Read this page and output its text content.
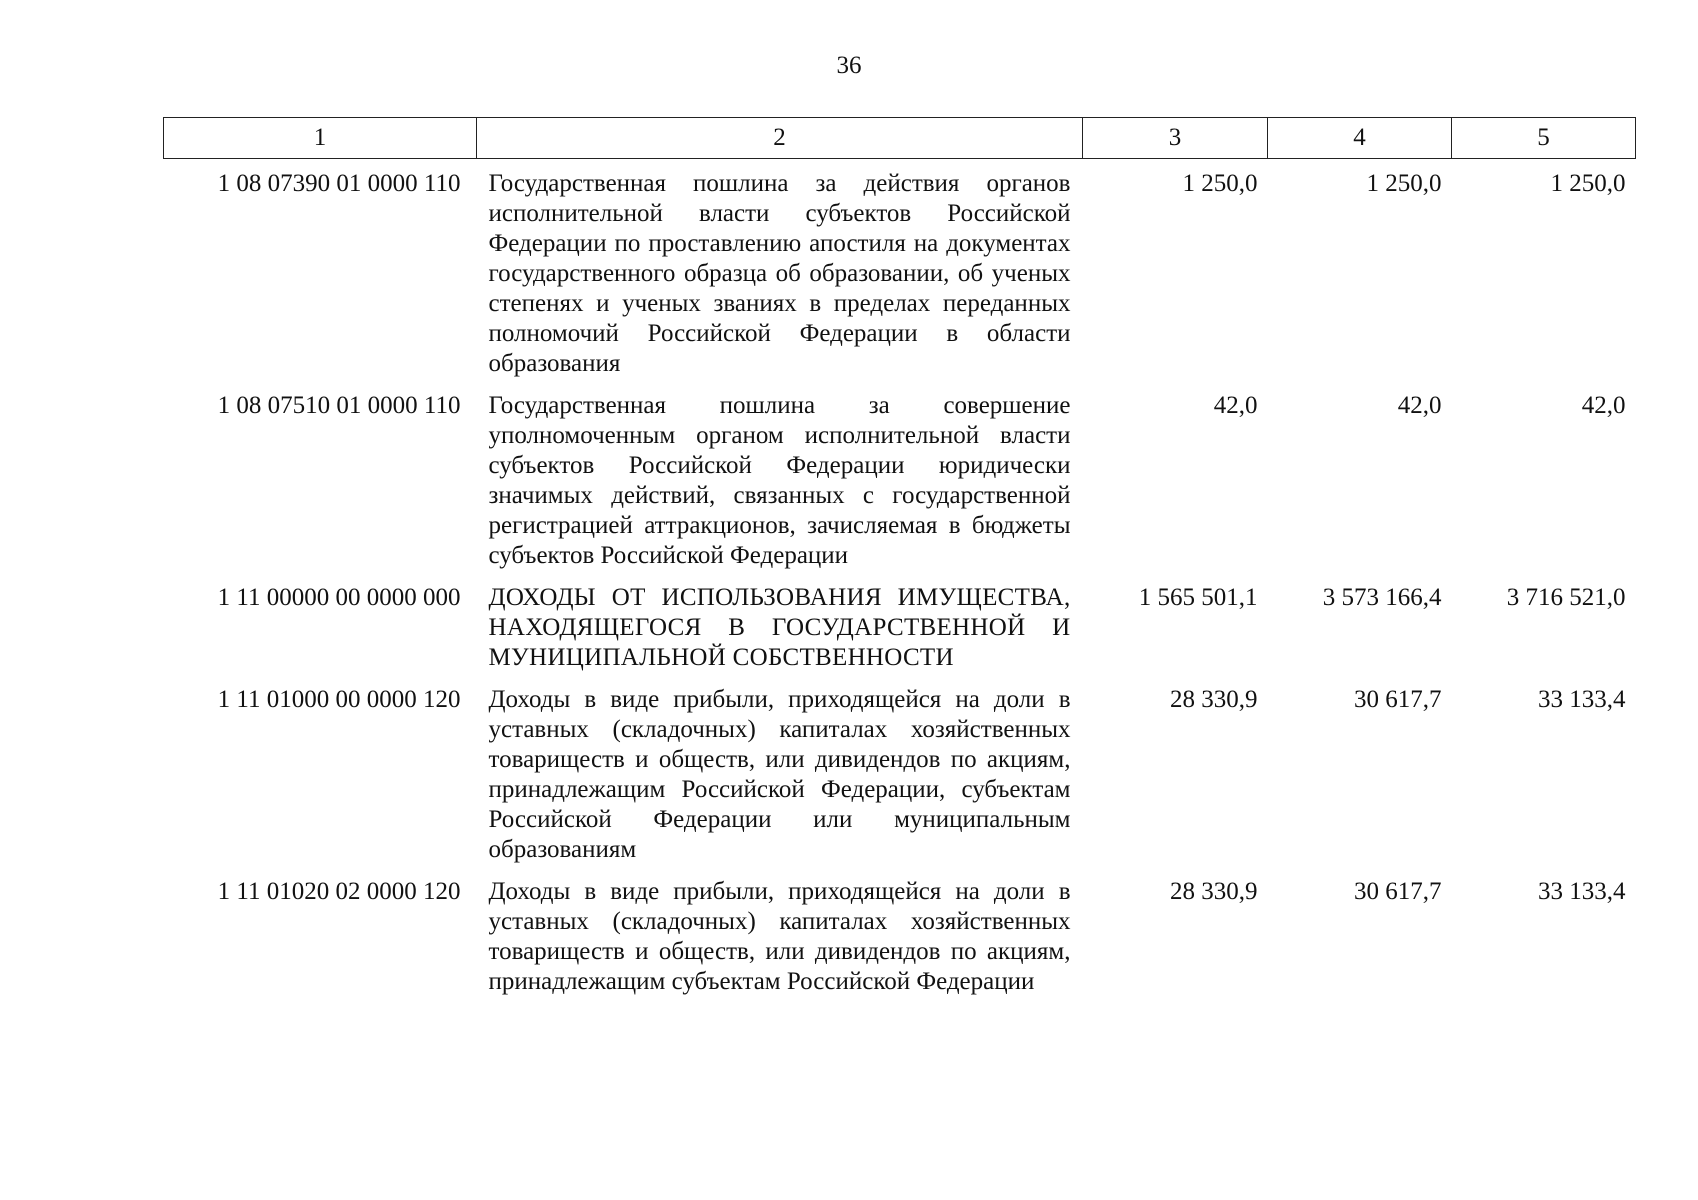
36
1	2	3	4	5
1 08 07390 01 0000 110	Государственная пошлина за действия органов исполнительной власти субъектов Российской Федерации по проставлению апостиля на документах государственного образца об образовании, об ученых степенях и ученых званиях в пределах переданных полномочий Российской Федерации в области образования	1 250,0	1 250,0	1 250,0

1 08 07510 01 0000 110	Государственная пошлина за совершение уполномоченным органом исполнительной власти субъектов Российской Федерации юридически значимых действий, связанных с государственной регистрацией аттракционов, зачисляемая в бюджеты субъектов Российской Федерации	42,0	42,0	42,0

1 11 00000 00 0000 000	ДОХОДЫ ОТ ИСПОЛЬЗОВАНИЯ ИМУЩЕСТВА, НАХОДЯЩЕГОСЯ В ГОСУДАРСТВЕННОЙ И МУНИЦИПАЛЬНОЙ СОБСТВЕННОСТИ	1 565 501,1	3 573 166,4	3 716 521,0

1 11 01000 00 0000 120	Доходы в виде прибыли, приходящейся на доли в уставных (складочных) капиталах хозяйственных товариществ и обществ, или дивидендов по акциям, принадлежащим Российской Федерации, субъектам Российской Федерации или муниципальным образованиям	28 330,9	30 617,7	33 133,4

1 11 01020 02 0000 120	Доходы в виде прибыли, приходящейся на доли в уставных (складочных) капиталах хозяйственных товариществ и обществ, или дивидендов по акциям, принадлежащим субъектам Российской Федерации	28 330,9	30 617,7	33 133,4
